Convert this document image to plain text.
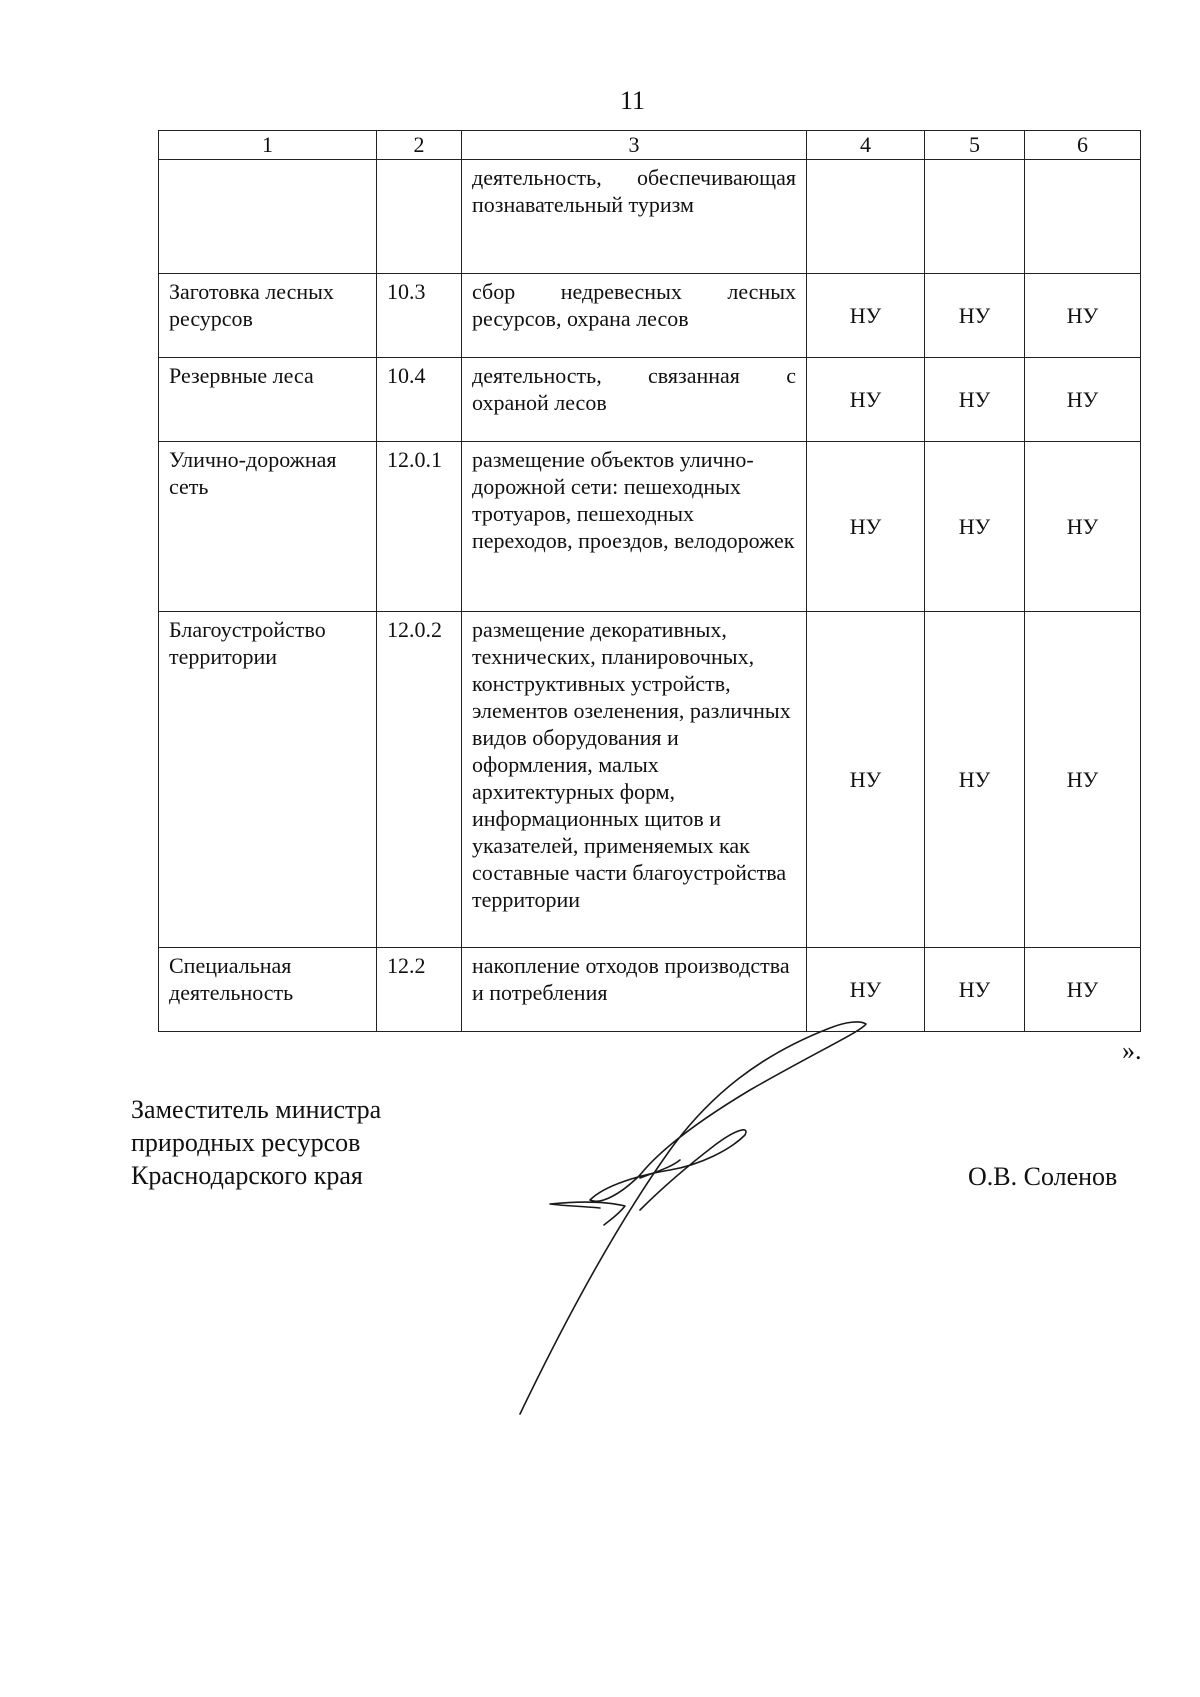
11
1	2	3	4	5	6
		деятельность, обеспечивающая познавательный туризм			
Заготовка лесных ресурсов	10.3	сбор недревесных лесных ресурсов, охрана лесов	НУ	НУ	НУ
Резервные леса	10.4	деятельность, связанная с охраной лесов	НУ	НУ	НУ
Улично-дорожная сеть	12.0.1	размещение объектов улично-дорожной сети: пешеходных тротуаров, пешеходных переходов, проездов, велодорожек	НУ	НУ	НУ
Благоустройство территории	12.0.2	размещение декоративных, технических, планировочных, конструктивных устройств, элементов озеленения, различных видов оборудования и оформления, малых архитектурных форм, информационных щитов и указателей, применяемых как составные части благоустройства территории	НУ	НУ	НУ
Специальная деятельность	12.2	накопление отходов производства и потребления	НУ	НУ	НУ
».
Заместитель министра
природных ресурсов
Краснодарского края	О.В. Соленов
